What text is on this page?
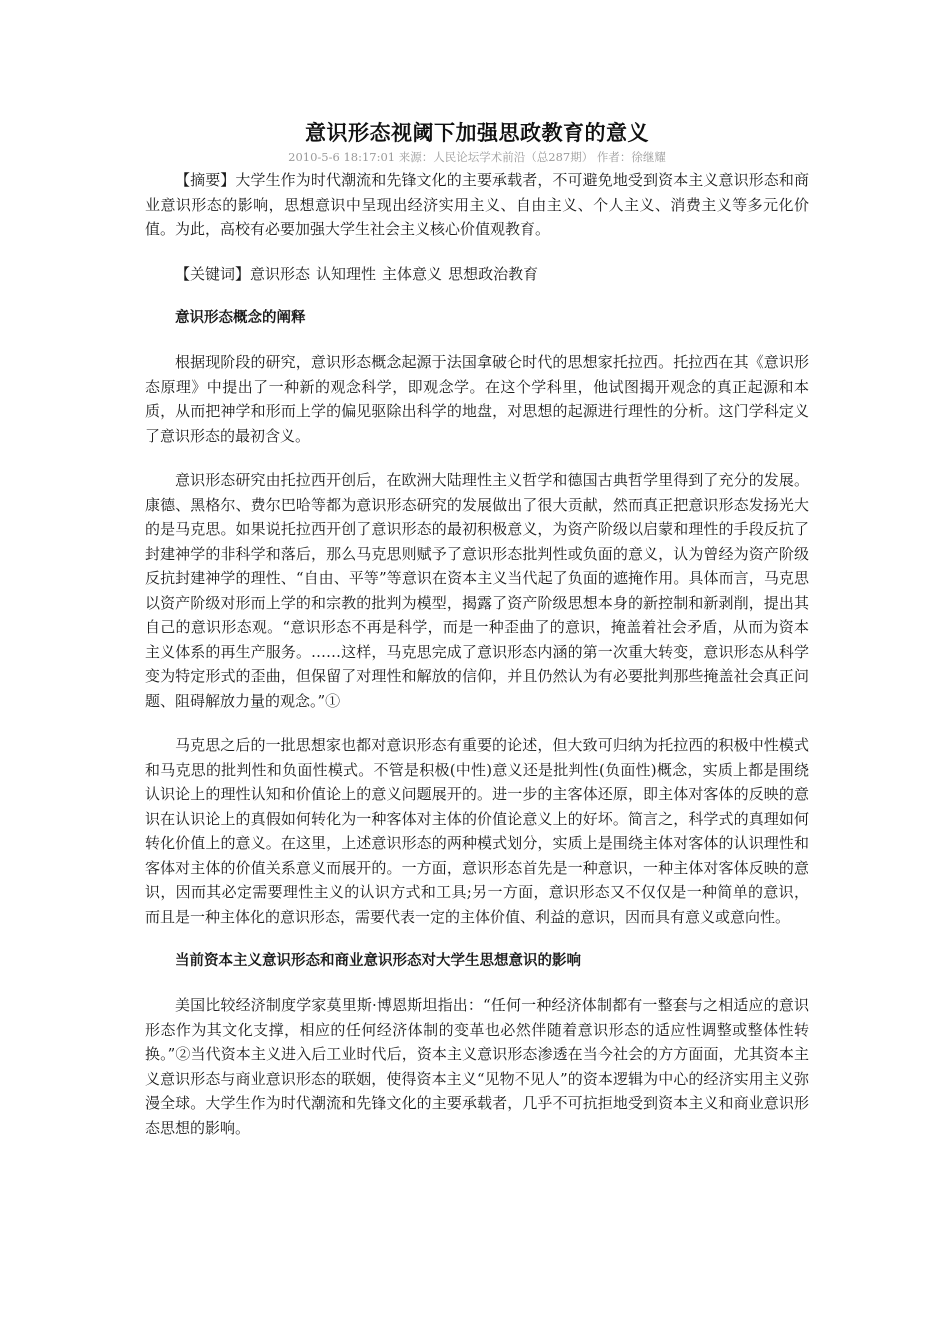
意识形态视阈下加强思政教育的意义
2010-5-6 18:17:01 来源：人民论坛学术前沿（总287期） 作者：徐继耀

【摘要】大学生作为时代潮流和先锋文化的主要承载者，不可避免地受到资本主义意识形态和商业意识形态的影响，思想意识中呈现出经济实用主义、自由主义、个人主义、消费主义等多元化价值。为此，高校有必要加强大学生社会主义核心价值观教育。

【关键词】意识形态 认知理性 主体意义 思想政治教育

意识形态概念的阐释

根据现阶段的研究，意识形态概念起源于法国拿破仑时代的思想家托拉西。托拉西在其《意识形态原理》中提出了一种新的观念科学，即观念学。在这个学科里，他试图揭开观念的真正起源和本质，从而把神学和形而上学的偏见驱除出科学的地盘，对思想的起源进行理性的分析。这门学科定义了意识形态的最初含义。

意识形态研究由托拉西开创后，在欧洲大陆理性主义哲学和德国古典哲学里得到了充分的发展。康德、黑格尔、费尔巴哈等都为意识形态研究的发展做出了很大贡献，然而真正把意识形态发扬光大的是马克思。如果说托拉西开创了意识形态的最初积极意义，为资产阶级以启蒙和理性的手段反抗了封建神学的非科学和落后，那么马克思则赋予了意识形态批判性或负面的意义，认为曾经为资产阶级反抗封建神学的理性、“自由、平等”等意识在资本主义当代起了负面的遮掩作用。具体而言，马克思以资产阶级对形而上学的和宗教的批判为模型，揭露了资产阶级思想本身的新控制和新剥削，提出其自己的意识形态观。“意识形态不再是科学，而是一种歪曲了的意识，掩盖着社会矛盾，从而为资本主义体系的再生产服务。……这样，马克思完成了意识形态内涵的第一次重大转变，意识形态从科学变为特定形式的歪曲，但保留了对理性和解放的信仰，并且仍然认为有必要批判那些掩盖社会真正问题、阻碍解放力量的观念。”①

马克思之后的一批思想家也都对意识形态有重要的论述，但大致可归纳为托拉西的积极中性模式和马克思的批判性和负面性模式。不管是积极(中性)意义还是批判性(负面性)概念，实质上都是围绕认识论上的理性认知和价值论上的意义问题展开的。进一步的主客体还原，即主体对客体的反映的意识在认识论上的真假如何转化为一种客体对主体的价值论意义上的好坏。简言之，科学式的真理如何转化价值上的意义。在这里，上述意识形态的两种模式划分，实质上是围绕主体对客体的认识理性和客体对主体的价值关系意义而展开的。一方面，意识形态首先是一种意识，一种主体对客体反映的意识，因而其必定需要理性主义的认识方式和工具;另一方面，意识形态又不仅仅是一种简单的意识，而且是一种主体化的意识形态，需要代表一定的主体价值、利益的意识，因而具有意义或意向性。

当前资本主义意识形态和商业意识形态对大学生思想意识的影响

美国比较经济制度学家莫里斯·博恩斯坦指出：“任何一种经济体制都有一整套与之相适应的意识形态作为其文化支撑，相应的任何经济体制的变革也必然伴随着意识形态的适应性调整或整体性转换。”②当代资本主义进入后工业时代后，资本主义意识形态渗透在当今社会的方方面面，尤其资本主义意识形态与商业意识形态的联姻，使得资本主义“见物不见人”的资本逻辑为中心的经济实用主义弥漫全球。大学生作为时代潮流和先锋文化的主要承载者，几乎不可抗拒地受到资本主义和商业意识形态思想的影响。
